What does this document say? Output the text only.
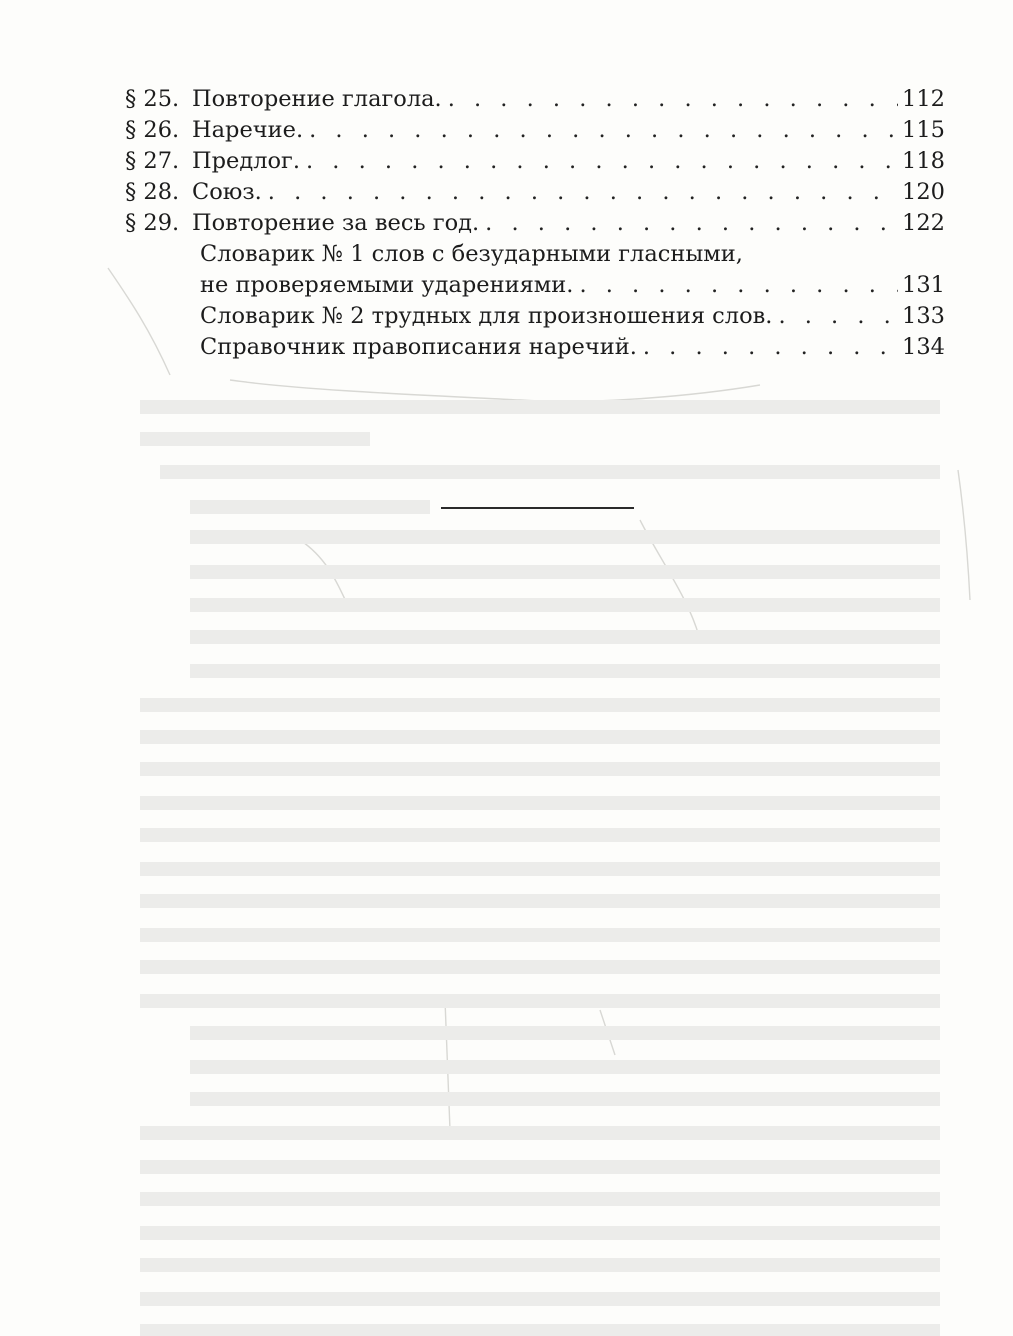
§ 25. Повторение глагола. . . .	112
§ 26. Наречие. . . .	115
§ 27. Предлог. . . .	118
§ 28. Союз. . . .	120
§ 29. Повторение за весь год. . . .	122
Словарик № 1 слов с безударными гласными,
не проверяемыми ударениями. . . .	131
Словарик № 2 трудных для произношения слов. . . .	133
Справочник правописания наречий. . . .	134
